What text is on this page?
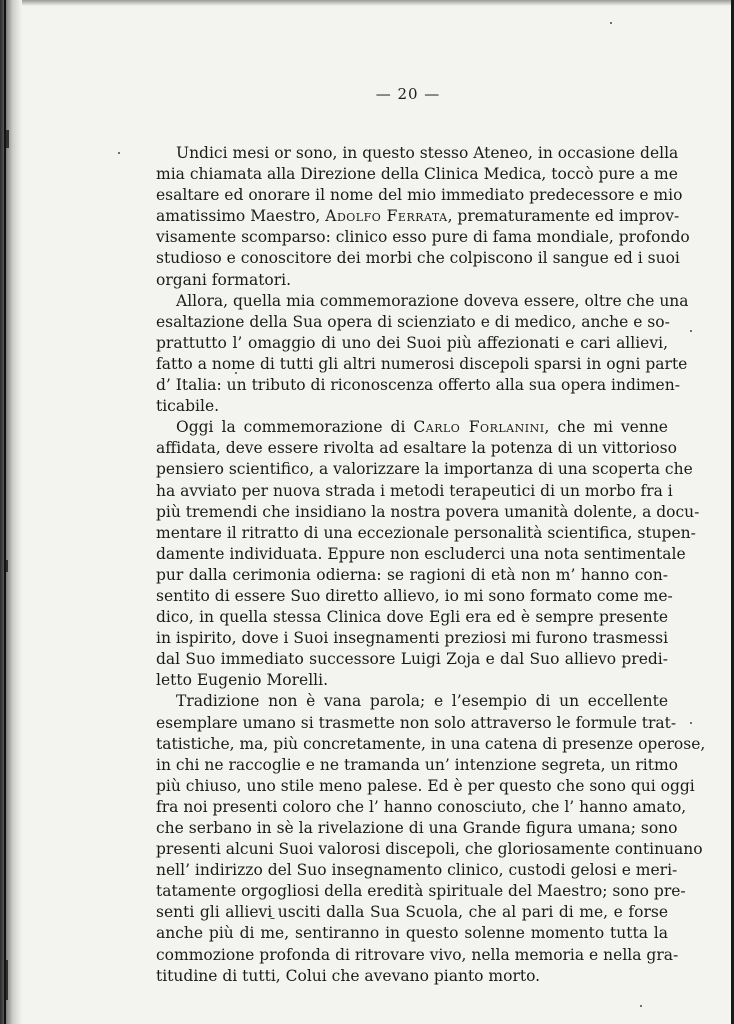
— 20 —
Undici mesi or sono, in questo stesso Ateneo, in occasione della
mia chiamata alla Direzione della Clinica Medica, toccò pure a me
esaltare ed onorare il nome del mio immediato predecessore e mio
amatissimo Maestro, Adolfo Ferrata, prematuramente ed improv-
visamente scomparso: clinico esso pure di fama mondiale, profondo
studioso e conoscitore dei morbi che colpiscono il sangue ed i suoi
organi formatori.
Allora, quella mia commemorazione doveva essere, oltre che una
esaltazione della Sua opera di scienziato e di medico, anche e so-
prattutto l’ omaggio di uno dei Suoi più affezionati e cari allievi,
fatto a nome di tutti gli altri numerosi discepoli sparsi in ogni parte
d’ Italia: un tributo di riconoscenza offerto alla sua opera indimen-
ticabile.
Oggi la commemorazione di Carlo Forlanini, che mi venne
affidata, deve essere rivolta ad esaltare la potenza di un vittorioso
pensiero scientifico, a valorizzare la importanza di una scoperta che
ha avviato per nuova strada i metodi terapeutici di un morbo fra i
più tremendi che insidiano la nostra povera umanità dolente, a docu-
mentare il ritratto di una eccezionale personalità scientifica, stupen-
damente individuata. Eppure non escluderci una nota sentimentale
pur dalla cerimonia odierna: se ragioni di età non m’ hanno con-
sentito di essere Suo diretto allievo, io mi sono formato come me-
dico, in quella stessa Clinica dove Egli era ed è sempre presente
in ispirito, dove i Suoi insegnamenti preziosi mi furono trasmessi
dal Suo immediato successore Luigi Zoja e dal Suo allievo predi-
letto Eugenio Morelli.
Tradizione non è vana parola; e l’esempio di un eccellente
esemplare umano si trasmette non solo attraverso le formule trat-
tatistiche, ma, più concretamente, in una catena di presenze operose,
in chi ne raccoglie e ne tramanda un’ intenzione segreta, un ritmo
più chiuso, uno stile meno palese. Ed è per questo che sono qui oggi
fra noi presenti coloro che l’ hanno conosciuto, che l’ hanno amato,
che serbano in sè la rivelazione di una Grande figura umana; sono
presenti alcuni Suoi valorosi discepoli, che gloriosamente continuano
nell’ indirizzo del Suo insegnamento clinico, custodi gelosi e meri-
tatamente orgogliosi della eredità spirituale del Maestro; sono pre-
senti gli allievi usciti dalla Sua Scuola, che al pari di me, e forse
anche più di me, sentiranno in questo solenne momento tutta la
commozione profonda di ritrovare vivo, nella memoria e nella gra-
titudine di tutti, Colui che avevano pianto morto.
